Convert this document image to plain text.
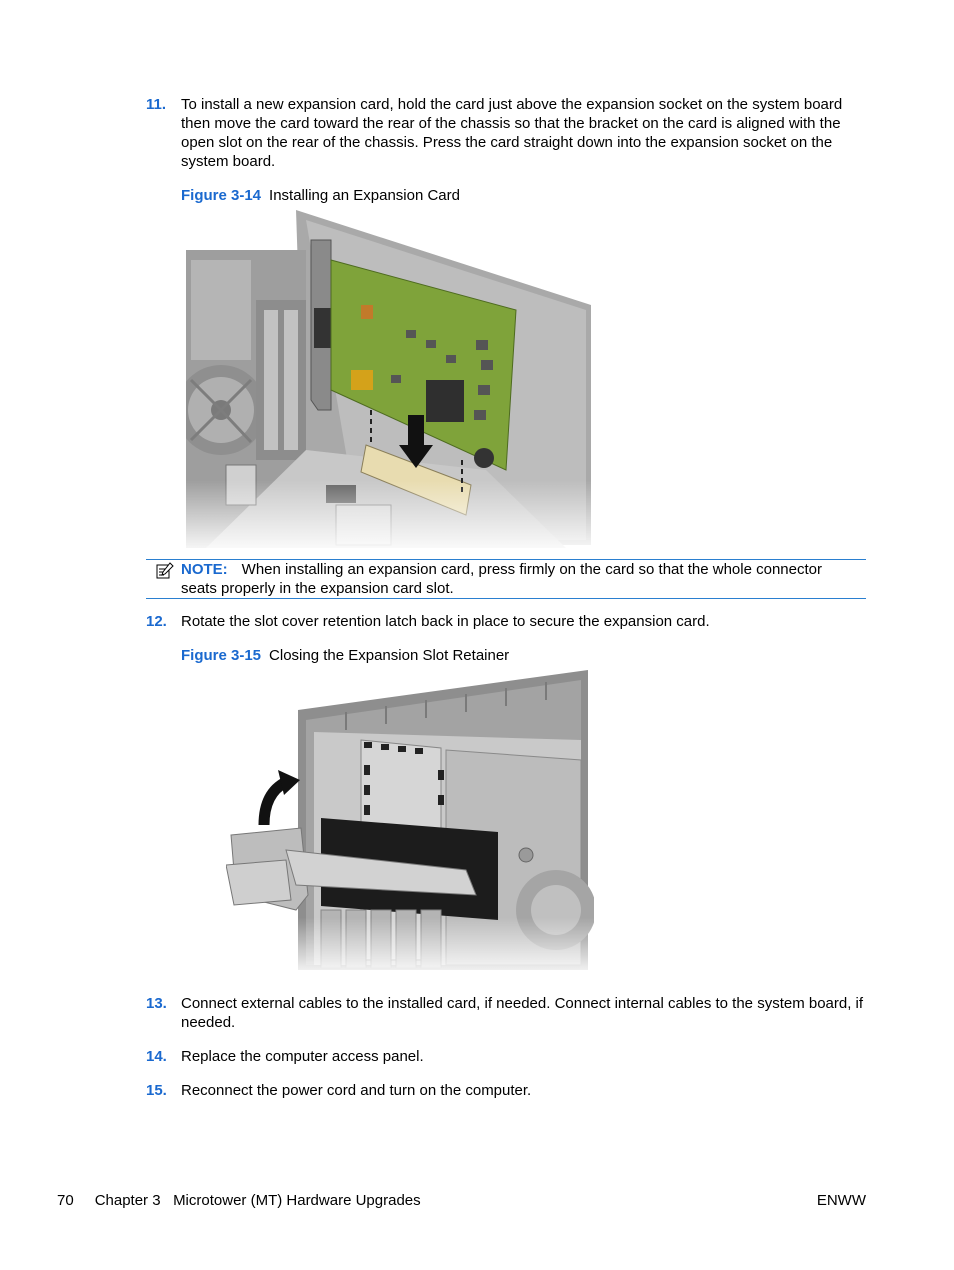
11. To install a new expansion card, hold the card just above the expansion socket on the system board then move the card toward the rear of the chassis so that the bracket on the card is aligned with the open slot on the rear of the chassis. Press the card straight down into the expansion socket on the system board.
Figure 3-14 Installing an Expansion Card
NOTE: When installing an expansion card, press firmly on the card so that the whole connector seats properly in the expansion card slot.
12. Rotate the slot cover retention latch back in place to secure the expansion card.
Figure 3-15 Closing the Expansion Slot Retainer
13. Connect external cables to the installed card, if needed. Connect internal cables to the system board, if needed.
14. Replace the computer access panel.
15. Reconnect the power cord and turn on the computer.
70 Chapter 3   Microtower (MT) Hardware Upgrades	ENWW
